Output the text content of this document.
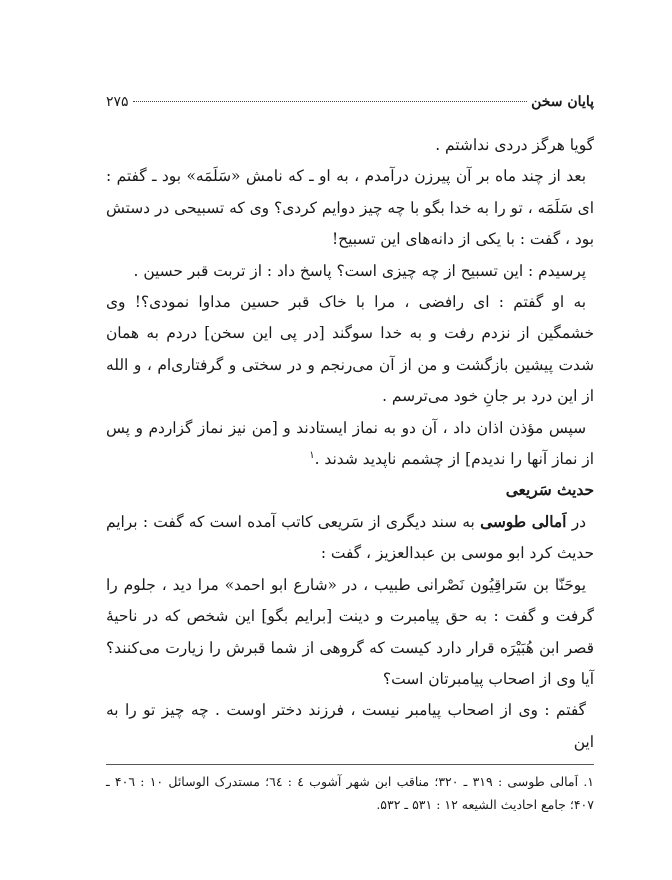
پایان سخن
۲۷۵

گویا هرگز دردی نداشتم .

بعد از چند ماه بر آن پیرزن درآمدم ، به او ـ که نامش «سَلَمَه» بود ـ گفتم : ای سَلَمَه ، تو را به خدا بگو با چه چیز دوایم کردی؟ وی که تسبیحی در دستش بود ، گفت : با یکی از دانه‌های این تسبیح!

پرسیدم : این تسبیح از چه چیزی است؟ پاسخ داد : از تربت قبر حسین .

به او گفتم : ای رافضی ، مرا با خاک قبر حسین مداوا نمودی؟! وی خشمگین از نزدم رفت و به خدا سوگند [در پی این سخن] دردم به همان شدت پیشین بازگشت و من از آن می‌رنجم و در سختی و گرفتاری‌ام ، و الله از این درد بر جانِ خود می‌ترسم .

سپس مؤذن اذان داد ، آن دو به نماز ایستادند و [من نیز نماز گزاردم و پس از نماز آنها را ندیدم] از چشمم ناپدید شدند .$^۱$

حدیث سَریعی

در اَمالی طوسی به سند دیگری از سَریعی کاتب آمده است که گفت : برایم حدیث کرد ابو موسی بن عبدالعزیز ، گفت :

یوحَنّا بن سَراقِیُون نَصْرانی طبیب ، در «شارع ابو احمد» مرا دید ، جلوم را گرفت و گفت : به حق پیامبرت و دینت [برایم بگو] این شخص که در ناحیهٔ قصر ابن هُبَیْرَه قرار دارد کیست که گروهی از شما قبرش را زیارت می‌کنند؟ آیا وی از اصحاب پیامبرتان است؟

گفتم : وی از اصحاب پیامبر نیست ، فرزند دختر اوست . چه چیز تو را به این

۱. اَمالی طوسی : ۳۱۹ ـ ۳۲۰؛ مناقب ابن شهر آشوب ٤ : ٦٤؛ مستدرک الوسائل ۱۰ : ۴۰٦ ـ ۴۰۷؛ جامع احادیث الشیعه ۱۲ : ۵۳۱ ـ ۵۳۲.
